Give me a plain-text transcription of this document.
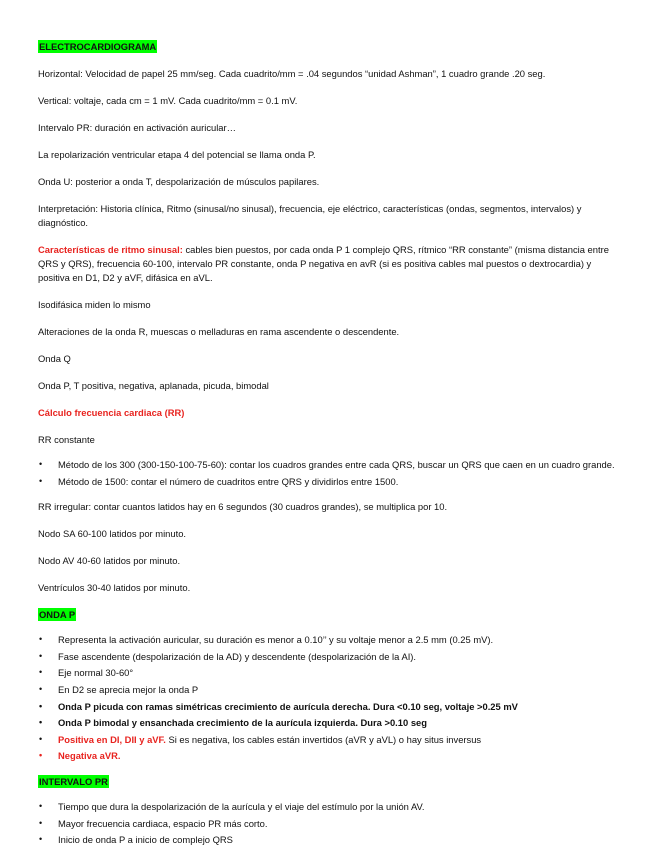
ELECTROCARDIOGRAMA

Horizontal: Velocidad de papel 25 mm/seg. Cada cuadrito/mm = .04 segundos “unidad Ashman”, 1 cuadro grande .20 seg.

Vertical: voltaje, cada cm = 1 mV. Cada cuadrito/mm = 0.1 mV.

Intervalo PR: duración en activación auricular…

La repolarización ventricular etapa 4 del potencial se llama onda P.

Onda U: posterior a onda T, despolarización de músculos papilares.

Interpretación: Historia clínica, Ritmo (sinusal/no sinusal), frecuencia, eje eléctrico, características (ondas, segmentos, intervalos) y diagnóstico.

Características de ritmo sinusal: cables bien puestos, por cada onda P 1 complejo QRS, rítmico “RR constante” (misma distancia entre QRS y QRS), frecuencia 60-100, intervalo PR constante, onda P negativa en avR (si es positiva cables mal puestos o dextrocardia) y positiva en D1, D2 y aVF, difásica en aVL.

Isodifásica miden lo mismo

Alteraciones de la onda R, muescas o melladuras en rama ascendente o descendente.

Onda Q

Onda P, T positiva, negativa, aplanada, picuda, bimodal

Cálculo frecuencia cardiaca (RR)

RR constante

• Método de los 300 (300-150-100-75-60): contar los cuadros grandes entre cada QRS, buscar un QRS que caen en un cuadro grande.
• Método de 1500: contar el número de cuadritos entre QRS y dividirlos entre 1500.

RR irregular: contar cuantos latidos hay en 6 segundos (30 cuadros grandes), se multiplica por 10.

Nodo SA 60-100 latidos por minuto.

Nodo AV 40-60 latidos por minuto.

Ventrículos 30-40 latidos por minuto.

ONDA P

• Representa la activación auricular, su duración es menor a 0.10’’ y su voltaje menor a 2.5 mm (0.25 mV).
• Fase ascendente (despolarización de la AD) y descendente (despolarización de la AI).
• Eje normal 30-60°
• En D2 se aprecia mejor la onda P
• Onda P picuda con ramas simétricas crecimiento de aurícula derecha. Dura <0.10 seg, voltaje >0.25 mV
• Onda P bimodal y ensanchada crecimiento de la aurícula izquierda. Dura >0.10 seg
• Positiva en DI, DII y aVF. Si es negativa, los cables están invertidos (aVR y aVL) o hay situs inversus
• Negativa aVR.

INTERVALO PR

• Tiempo que dura la despolarización de la aurícula y el viaje del estímulo por la unión AV.
• Mayor frecuencia cardiaca, espacio PR más corto.
• Inicio de onda P a inicio de complejo QRS
